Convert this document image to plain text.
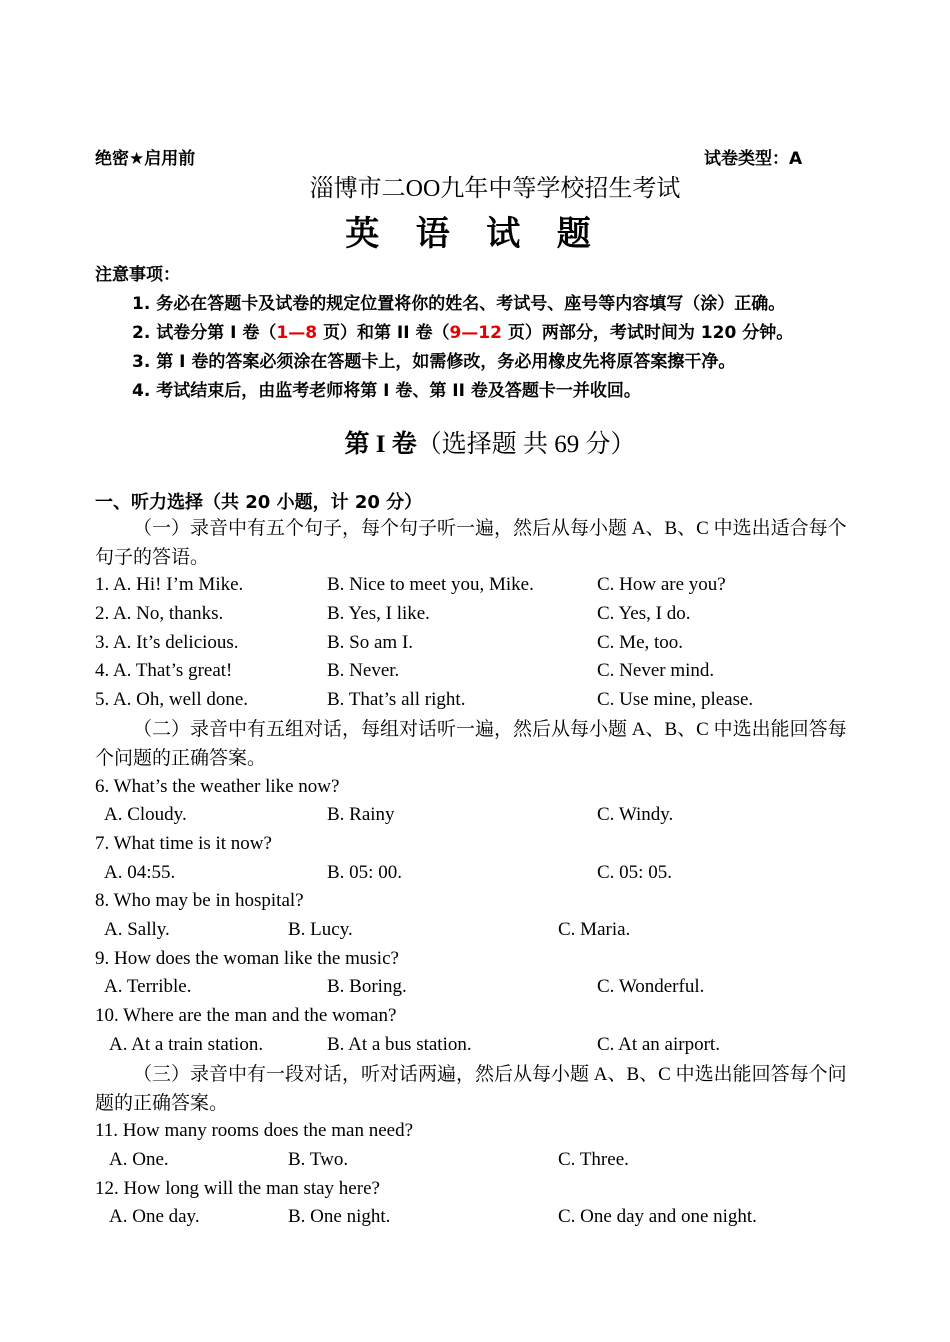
绝密★启用前	试卷类型：A
淄博市二OO九年中等学校招生考试
英 语 试 题
注意事项：
1. 务必在答题卡及试卷的规定位置将你的姓名、考试号、座号等内容填写（涂）正确。
2. 试卷分第 I 卷（1—8 页）和第 II 卷（9—12 页）两部分，考试时间为 120 分钟。
3. 第 I 卷的答案必须涂在答题卡上，如需修改，务必用橡皮先将原答案擦干净。
4. 考试结束后，由监考老师将第 I 卷、第 II 卷及答题卡一并收回。
第 I 卷（选择题 共 69 分）
一、听力选择（共 20 小题，计 20 分）
（一）录音中有五个句子，每个句子听一遍，然后从每小题 A、B、C 中选出适合每个句子的答语。
1. A. Hi! I’m Mike.	B. Nice to meet you, Mike.	C. How are you?
2. A. No, thanks.	B. Yes, I like.	C. Yes, I do.
3. A. It’s delicious.	B. So am I.	C. Me, too.
4. A. That’s great!	B. Never.	C. Never mind.
5. A. Oh, well done.	B. That’s all right.	C. Use mine, please.
（二）录音中有五组对话，每组对话听一遍，然后从每小题 A、B、C 中选出能回答每个问题的正确答案。
6. What’s the weather like now?
A. Cloudy.	B. Rainy	C. Windy.
7. What time is it now?
A. 04:55.	B. 05: 00.	C. 05: 05.
8. Who may be in hospital?
A. Sally.	B. Lucy.	C. Maria.
9. How does the woman like the music?
A. Terrible.	B. Boring.	C. Wonderful.
10. Where are the man and the woman?
A. At a train station.	B. At a bus station.	C. At an airport.
（三）录音中有一段对话，听对话两遍，然后从每小题 A、B、C 中选出能回答每个问题的正确答案。
11. How many rooms does the man need?
A. One.	B. Two.	C. Three.
12. How long will the man stay here?
A. One day.	B. One night.	C. One day and one night.
